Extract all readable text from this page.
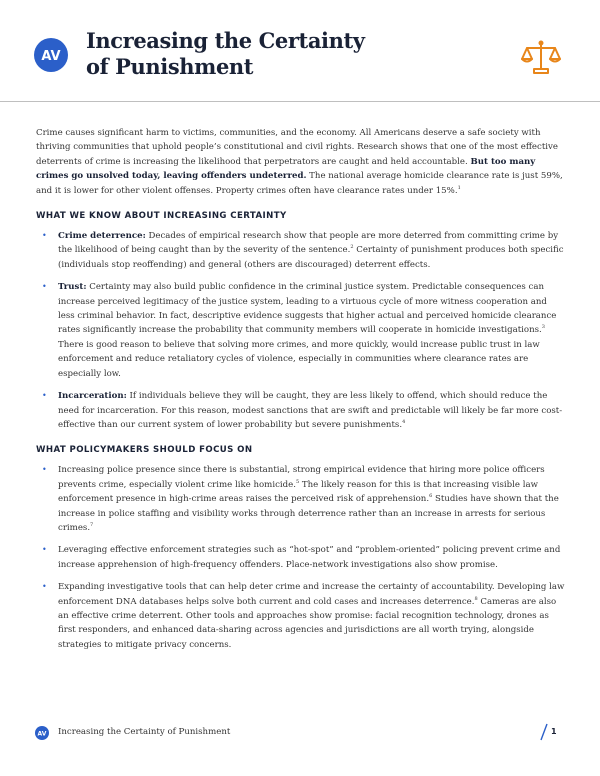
AV
Increasing the Certainty
of Punishment

Crime causes significant harm to victims, communities, and the economy. All Americans deserve a safe society with thriving communities that uphold people’s constitutional and civil rights. Research shows that one of the most effective deterrents of crime is increasing the likelihood that perpetrators are caught and held accountable. But too many crimes go unsolved today, leaving offenders undeterred. The national average homicide clearance rate is just 59%, and it is lower for other violent offenses. Property crimes often have clearance rates under 15%.$^1$

WHAT WE KNOW ABOUT INCREASING CERTAINTY
• Crime deterrence: Decades of empirical research show that people are more deterred from committing crime by the likelihood of being caught than by the severity of the sentence.$^2$ Certainty of punishment produces both specific (individuals stop reoffending) and general (others are discouraged) deterrent effects.
• Trust: Certainty may also build public confidence in the criminal justice system. Predictable consequences can increase perceived legitimacy of the justice system, leading to a virtuous cycle of more witness cooperation and less criminal behavior. In fact, descriptive evidence suggests that higher actual and perceived homicide clearance rates significantly increase the probability that community members will cooperate in homicide investigations.$^3$ There is good reason to believe that solving more crimes, and more quickly, would increase public trust in law enforcement and reduce retaliatory cycles of violence, especially in communities where clearance rates are especially low.
• Incarceration: If individuals believe they will be caught, they are less likely to offend, which should reduce the need for incarceration. For this reason, modest sanctions that are swift and predictable will likely be far more cost-effective than our current system of lower probability but severe punishments.$^4$
WHAT POLICYMAKERS SHOULD FOCUS ON
• Increasing police presence since there is substantial, strong empirical evidence that hiring more police officers prevents crime, especially violent crime like homicide.$^5$ The likely reason for this is that increasing visible law enforcement presence in high-crime areas raises the perceived risk of apprehension.$^6$ Studies have shown that the increase in police staffing and visibility works through deterrence rather than an increase in arrests for serious crimes.$^7$
• Leveraging effective enforcement strategies such as “hot-spot” and “problem-oriented” policing prevent crime and increase apprehension of high-frequency offenders. Place-network investigations also show promise.
• Expanding investigative tools that can help deter crime and increase the certainty of accountability. Developing law enforcement DNA databases helps solve both current and cold cases and increases deterrence.$^8$ Cameras are also an effective crime deterrent. Other tools and approaches show promise: facial recognition technology, drones as first responders, and enhanced data-sharing across agencies and jurisdictions are all worth trying, alongside strategies to mitigate privacy concerns.
AV Increasing the Certainty of Punishment	1
